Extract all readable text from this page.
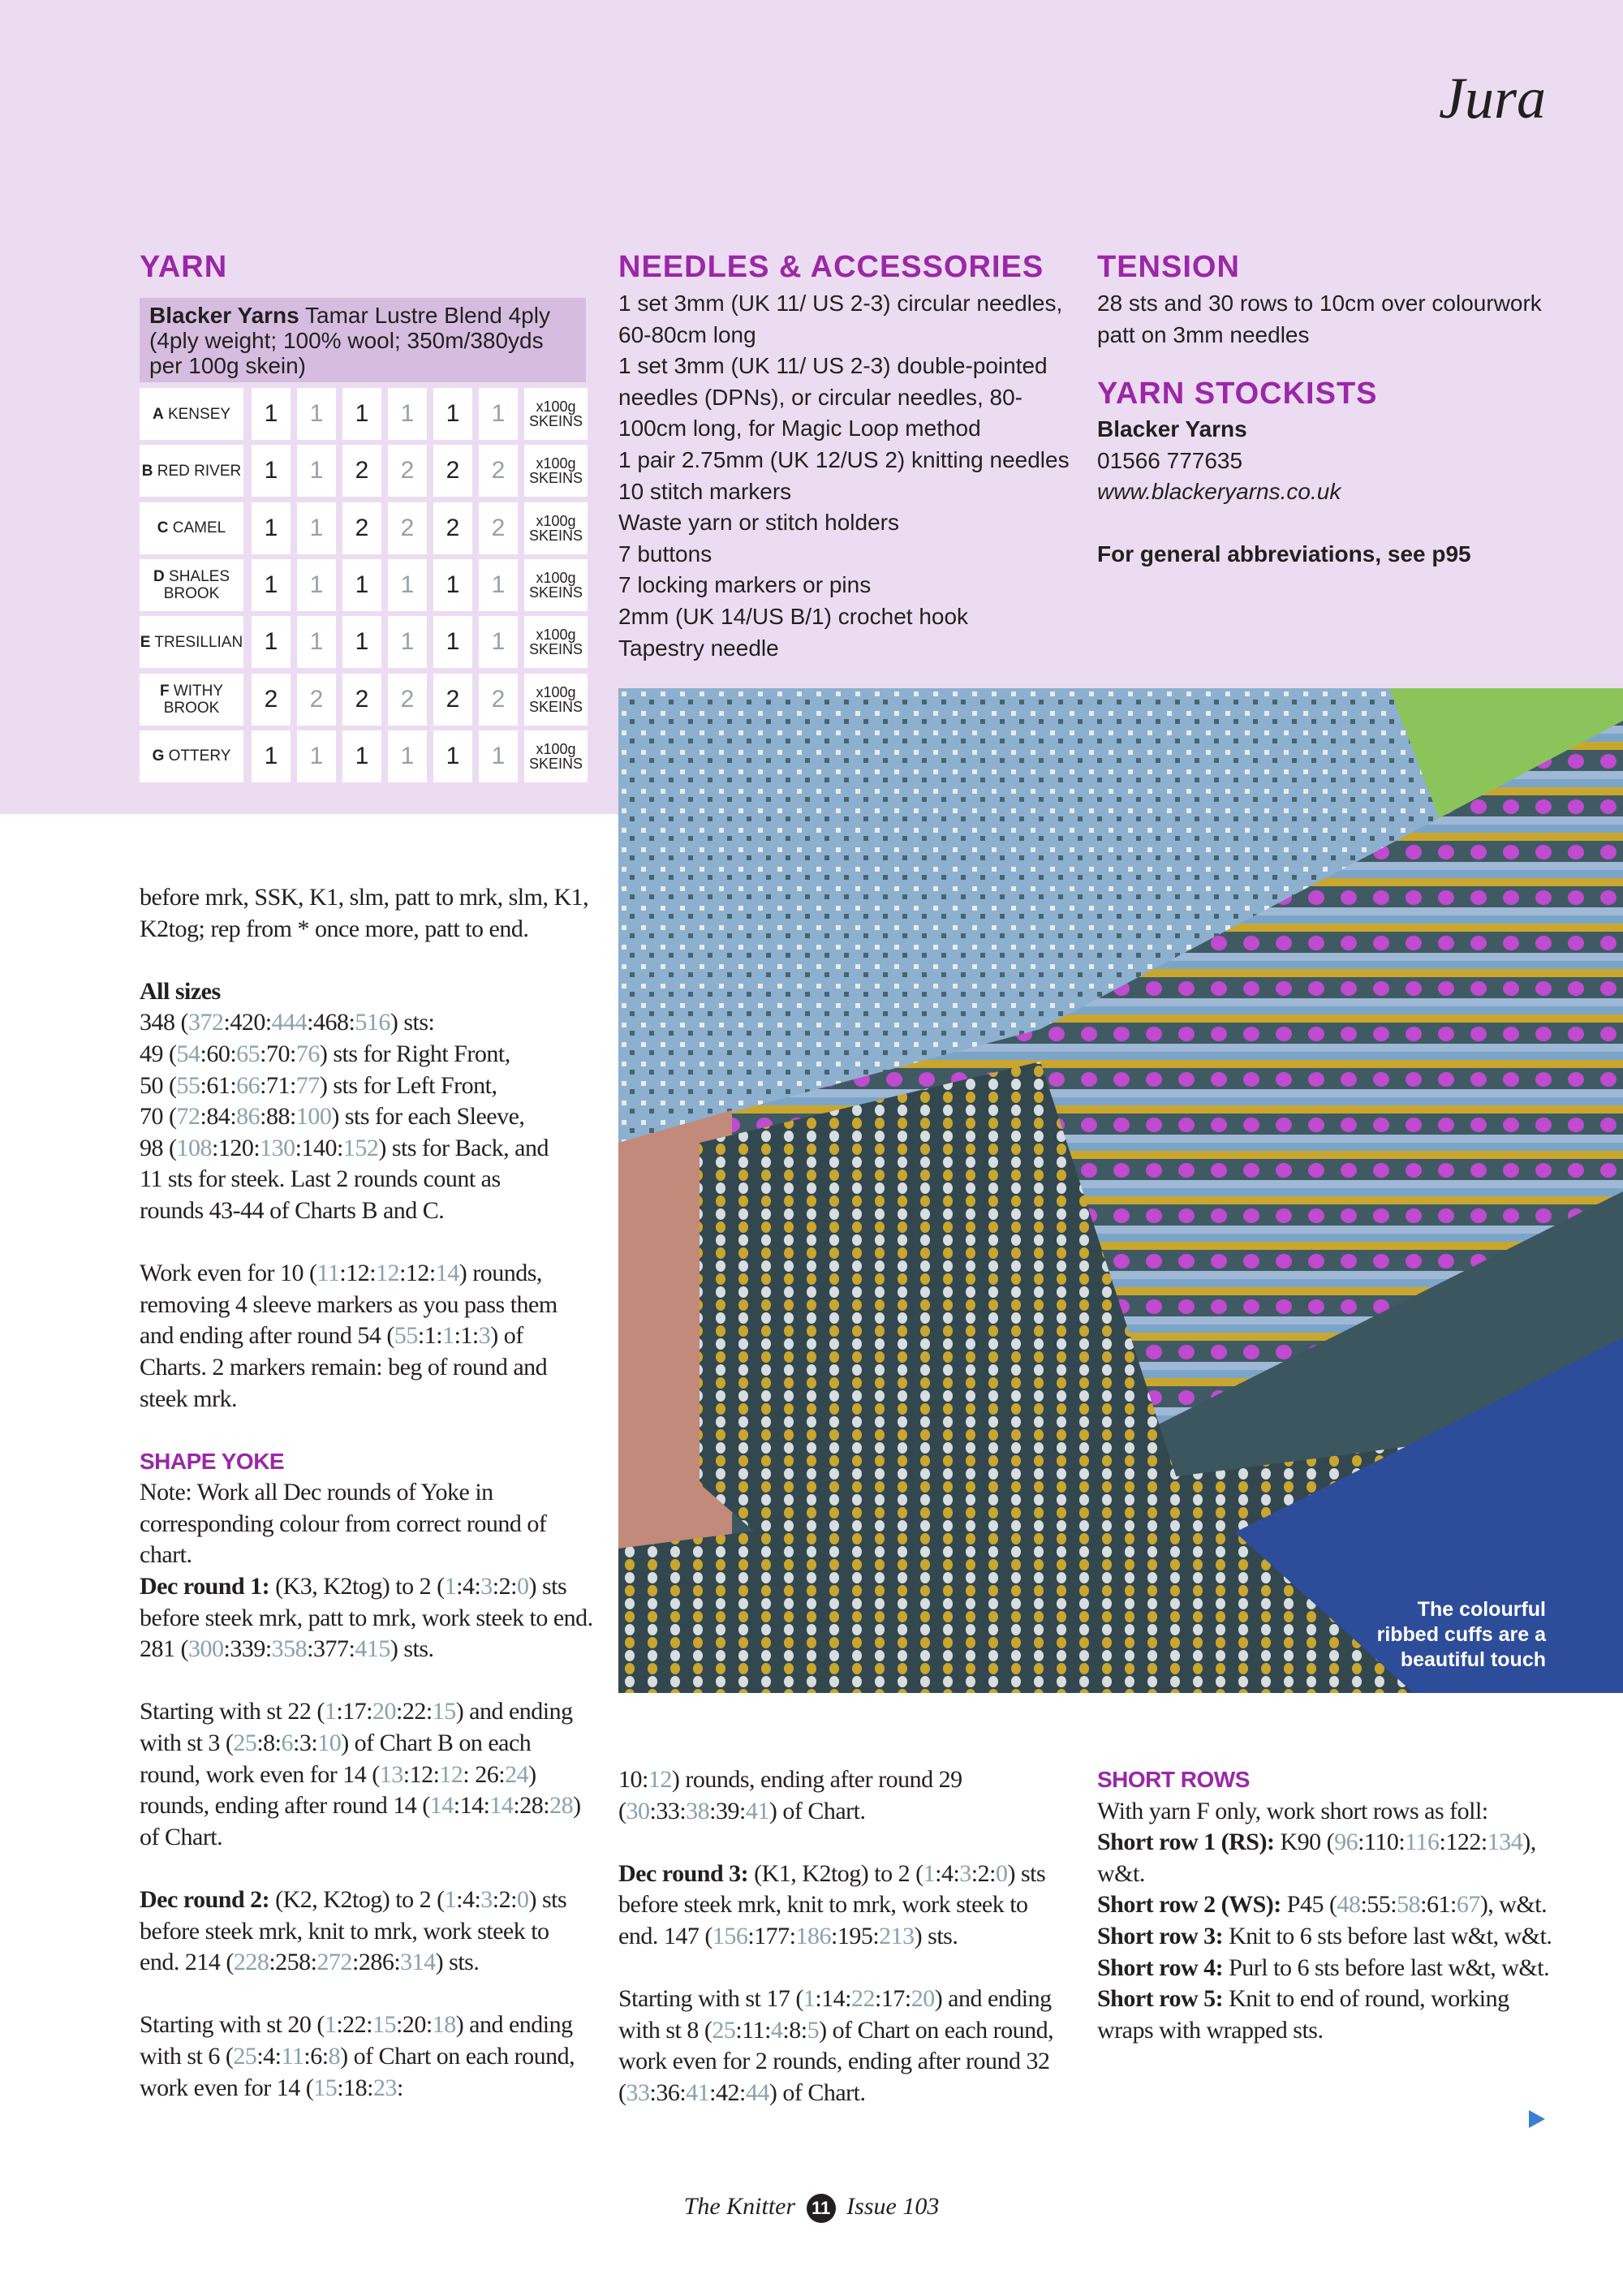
Jura
YARN
Blacker Yarns Tamar Lustre Blend 4ply (4ply weight; 100% wool; 350m/380yds per 100g skein)
A KENSEY	1	1	1	1	1	1	x100g SKEINS
B RED RIVER 1	1	2	2	2	2	x100g SKEINS
C CAMEL	1	1	2	2	2	2	x100g SKEINS
D SHALES BROOK	1	1	1	1	1	1	x100g SKEINS
E TRESILLIAN 1	1	1	1	1	1	x100g SKEINS
F WITHY BROOK	2	2	2	2	2	2	x100g SKEINS
G OTTERY	1	1	1	1	1	1	x100g SKEINS
NEEDLES & ACCESSORIES

1 set 3mm (UK 11/ US 2-3) circular needles, 60-80cm long

1 set 3mm (UK 11/ US 2-3) double-pointed needles (DPNs), or circular needles, 80-100cm long, for Magic Loop method

1 pair 2.75mm (UK 12/US 2) knitting needles

10 stitch markers

Waste yarn or stitch holders

7 buttons

7 locking markers or pins

2mm (UK 14/US B/1) crochet hook

Tapestry needle

TENSION
28 sts and 30 rows to 10cm over colourwork patt on 3mm needles
YARN STOCKISTS

Blacker Yarns

01566 777635

www.blackeryarns.co.uk

For general abbreviations, see p95

The colourful ribbed cuffs are a beautiful touch

before mrk, SSK, K1, slm, patt to mrk, slm, K1, K2tog; rep from * once more, patt to end.

All sizes
348 (372:420:444:468:516) sts:
49 (54:60:65:70:76) sts for Right Front,
50 (55:61:66:71:77) sts for Left Front,
70 (72:84:86:88:100) sts for each Sleeve,
98 (108:120:130:140:152) sts for Back, and
11 sts for steek. Last 2 rounds count as
rounds 43-44 of Charts B and C.

Work even for 10 (11:12:12:12:14) rounds, removing 4 sleeve markers as you pass them and ending after round 54 (55:1:1:1:3) of Charts. 2 markers remain: beg of round and steek mrk.

SHAPE YOKE
Note: Work all Dec rounds of Yoke in corresponding colour from correct round of chart.

Dec round 1: (K3, K2tog) to 2 (1:4:3:2:0) sts before steek mrk, patt to mrk, work steek to end. 281 (300:339:358:377:415) sts.

Starting with st 22 (1:17:20:22:15) and ending with st 3 (25:8:6:3:10) of Chart B on each round, work even for 14 (13:12:12: 26:24) rounds, ending after round 14 (14:14:14:28:28) of Chart.

Dec round 2: (K2, K2tog) to 2 (1:4:3:2:0) sts before steek mrk, knit to mrk, work steek to end. 214 (228:258:272:286:314) sts.

Starting with st 20 (1:22:15:20:18) and ending with st 6 (25:4:11:6:8) of Chart on each round, work even for 14 (15:18:23:

10:12) rounds, ending after round 29 (30:33:38:39:41) of Chart.

Dec round 3: (K1, K2tog) to 2 (1:4:3:2:0) sts before steek mrk, knit to mrk, work steek to end. 147 (156:177:186:195:213) sts.

Starting with st 17 (1:14:22:17:20) and ending with st 8 (25:11:4:8:5) of Chart on each round, work even for 2 rounds, ending after round 32 (33:36:41:42:44) of Chart.

SHORT ROWS
With yarn F only, work short rows as foll:
Short row 1 (RS): K90 (96:110:116:122:134), w&t.
Short row 2 (WS): P45 (48:55:58:61:67), w&t.
Short row 3: Knit to 6 sts before last w&t, w&t.
Short row 4: Purl to 6 sts before last w&t, w&t.
Short row 5: Knit to end of round, working wraps with wrapped sts.
The Knitter 11 Issue 103
